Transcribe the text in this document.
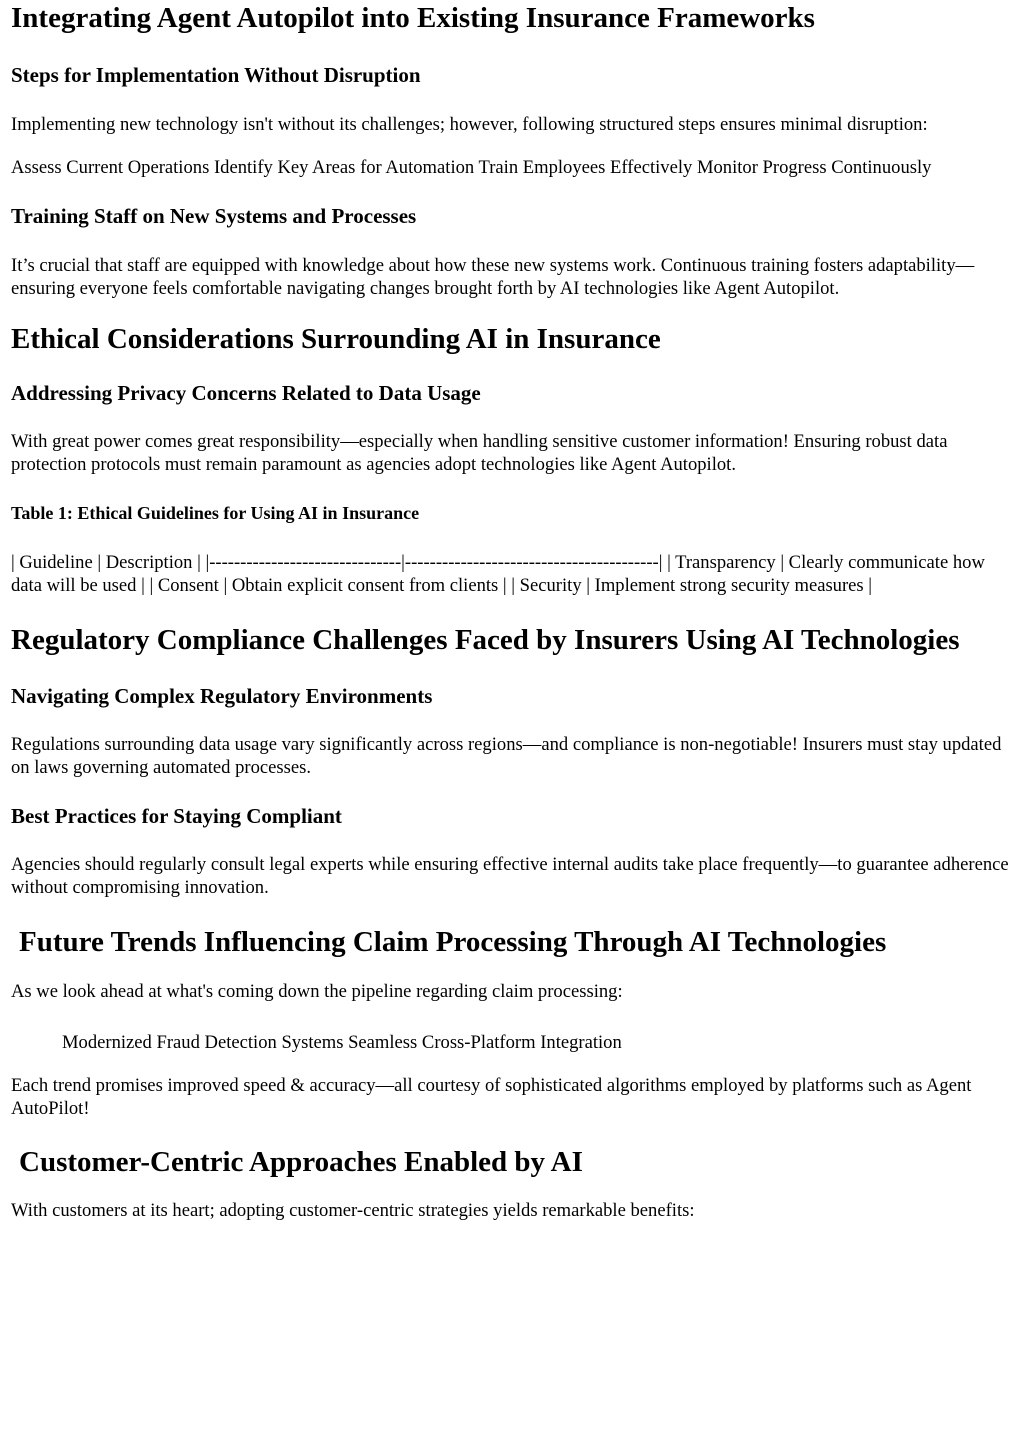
Integrating Agent Autopilot into Existing Insurance Frameworks
Steps for Implementation Without Disruption

Implementing new technology isn't without its challenges; however, following structured steps ensures minimal disruption:

Assess Current Operations Identify Key Areas for Automation Train Employees Effectively Monitor Progress Continuously

Training Staff on New Systems and Processes

It’s crucial that staff are equipped with knowledge about how these new systems work. Continuous training fosters adaptability—ensuring everyone feels comfortable navigating changes brought forth by AI technologies like Agent Autopilot.

Ethical Considerations Surrounding AI in Insurance
Addressing Privacy Concerns Related to Data Usage

With great power comes great responsibility—especially when handling sensitive customer information! Ensuring robust data protection protocols must remain paramount as agencies adopt technologies like Agent Autopilot.

Table 1: Ethical Guidelines for Using AI in Insurance

| Guideline | Description | |-------------------------------|-----------------------------------------| | Transparency | Clearly communicate how data will be used | | Consent | Obtain explicit consent from clients | | Security | Implement strong security measures |

Regulatory Compliance Challenges Faced by Insurers Using AI Technologies
Navigating Complex Regulatory Environments

Regulations surrounding data usage vary significantly across regions—and compliance is non-negotiable! Insurers must stay updated on laws governing automated processes.

Best Practices for Staying Compliant

Agencies should regularly consult legal experts while ensuring effective internal audits take place frequently—to guarantee adherence without compromising innovation.

Future Trends Influencing Claim Processing Through AI Technologies

As we look ahead at what's coming down the pipeline regarding claim processing:

Modernized Fraud Detection Systems Seamless Cross-Platform Integration

Each trend promises improved speed & accuracy—all courtesy of sophisticated algorithms employed by platforms such as Agent AutoPilot!

Customer-Centric Approaches Enabled by AI

With customers at its heart; adopting customer-centric strategies yields remarkable benefits:
